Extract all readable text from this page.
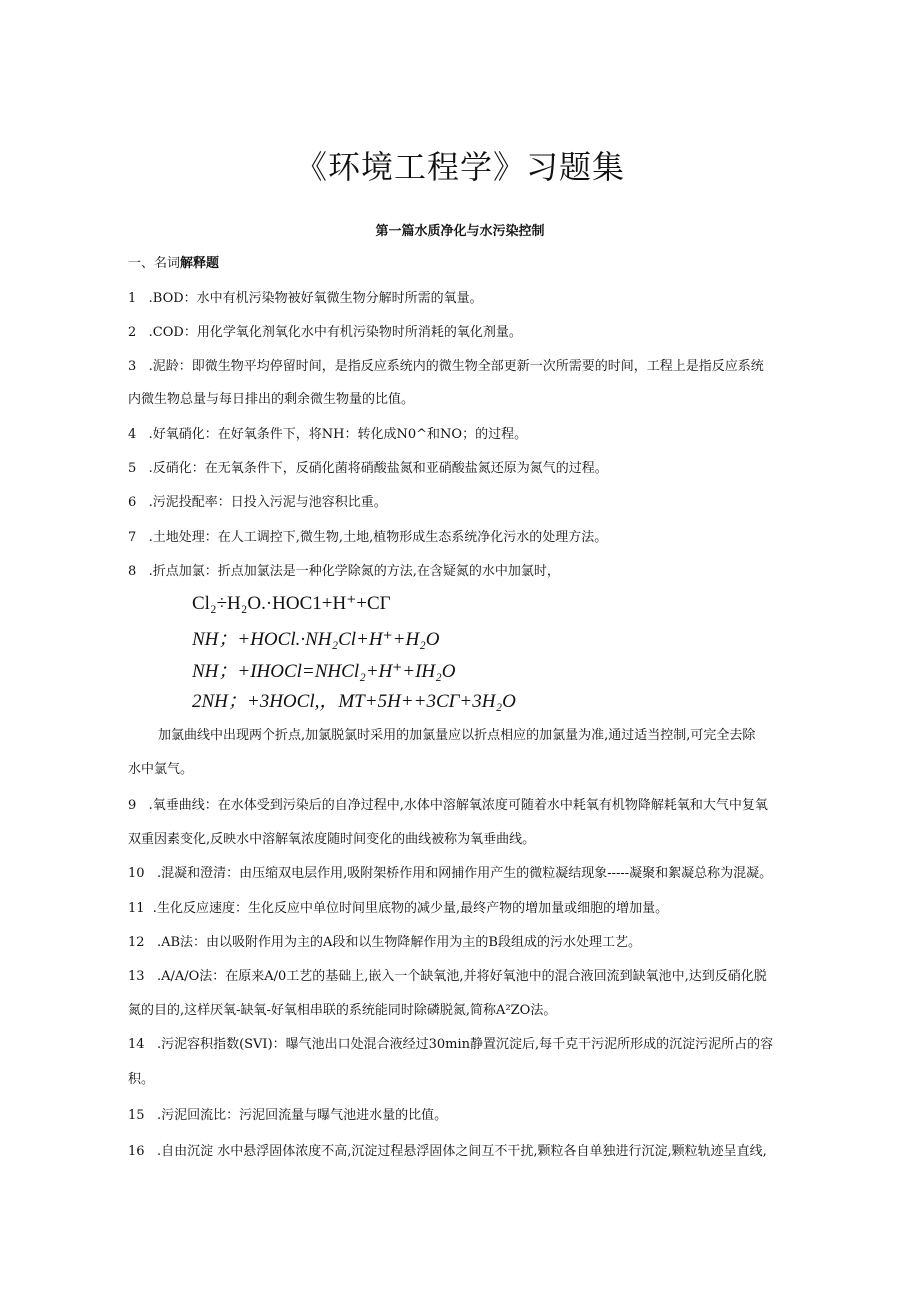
《环境工程学》习题集
第一篇水质净化与水污染控制
一、名词解释题
1   .BOD：水中有机污染物被好氧微生物分解时所需的氧量。
2   .COD：用化学氧化剂氧化水中有机污染物时所消耗的氧化剂量。
3   .泥龄：即微生物平均停留时间，是指反应系统内的微生物全部更新一次所需要的时间，工程上是指反应系统
内微生物总量与每日排出的剩余微生物量的比值。
4   .好氧硝化：在好氧条件下，将NH：转化成N0^和NO；的过程。
5   .反硝化：在无氧条件下，反硝化菌将硝酸盐氮和亚硝酸盐氮还原为氮气的过程。
6   .污泥投配率：日投入污泥与池容积比重。
7   .土地处理：在人工调控下,微生物,土地,植物形成生态系统净化污水的处理方法。
8   .折点加氯：折点加氯法是一种化学除氮的方法,在含疑氮的水中加氯时，
Cl₂÷H₂O.·HOC1+H⁺+CΓ
NH；+HOCl.·NH₂Cl+H⁺+H₂O
NH；+IHOCl=NHCl₂+H⁺+IH₂O
2NH；+3HOCl,，MT+5H++3CΓ+3H₂O
加氯曲线中出现两个折点,加氯脱氯时采用的加氯量应以折点相应的加氯量为准,通过适当控制,可完全去除
水中氯气。
9   .氧垂曲线：在水体受到污染后的自净过程中,水体中溶解氧浓度可随着水中耗氧有机物降解耗氧和大气中复氧
双重因素变化,反映水中溶解氧浓度随时间变化的曲线被称为氧垂曲线。
10   .混凝和澄清：由压缩双电层作用,吸附架桥作用和网捕作用产生的微粒凝结现象-----凝聚和絮凝总称为混凝。
11  .生化反应速度：生化反应中单位时间里底物的减少量,最终产物的增加量或细胞的增加量。
12   .AB法：由以吸附作用为主的A段和以生物降解作用为主的B段组成的污水处理工艺。
13   .A/A/O法：在原来A/0工艺的基础上,嵌入一个缺氧池,并将好氧池中的混合液回流到缺氧池中,达到反硝化脱
氮的目的,这样厌氧-缺氧-好氧相串联的系统能同时除磷脱氮,简称A²ZO法。
14   .污泥容积指数(SVI)：曝气池出口处混合液经过30min静置沉淀后,每千克干污泥所形成的沉淀污泥所占的容
积。
15   .污泥回流比：污泥回流量与曝气池进水量的比值。
16   .自由沉淀 水中悬浮固体浓度不高,沉淀过程悬浮固体之间互不干扰,颗粒各自单独进行沉淀,颗粒轨迹呈直线,
